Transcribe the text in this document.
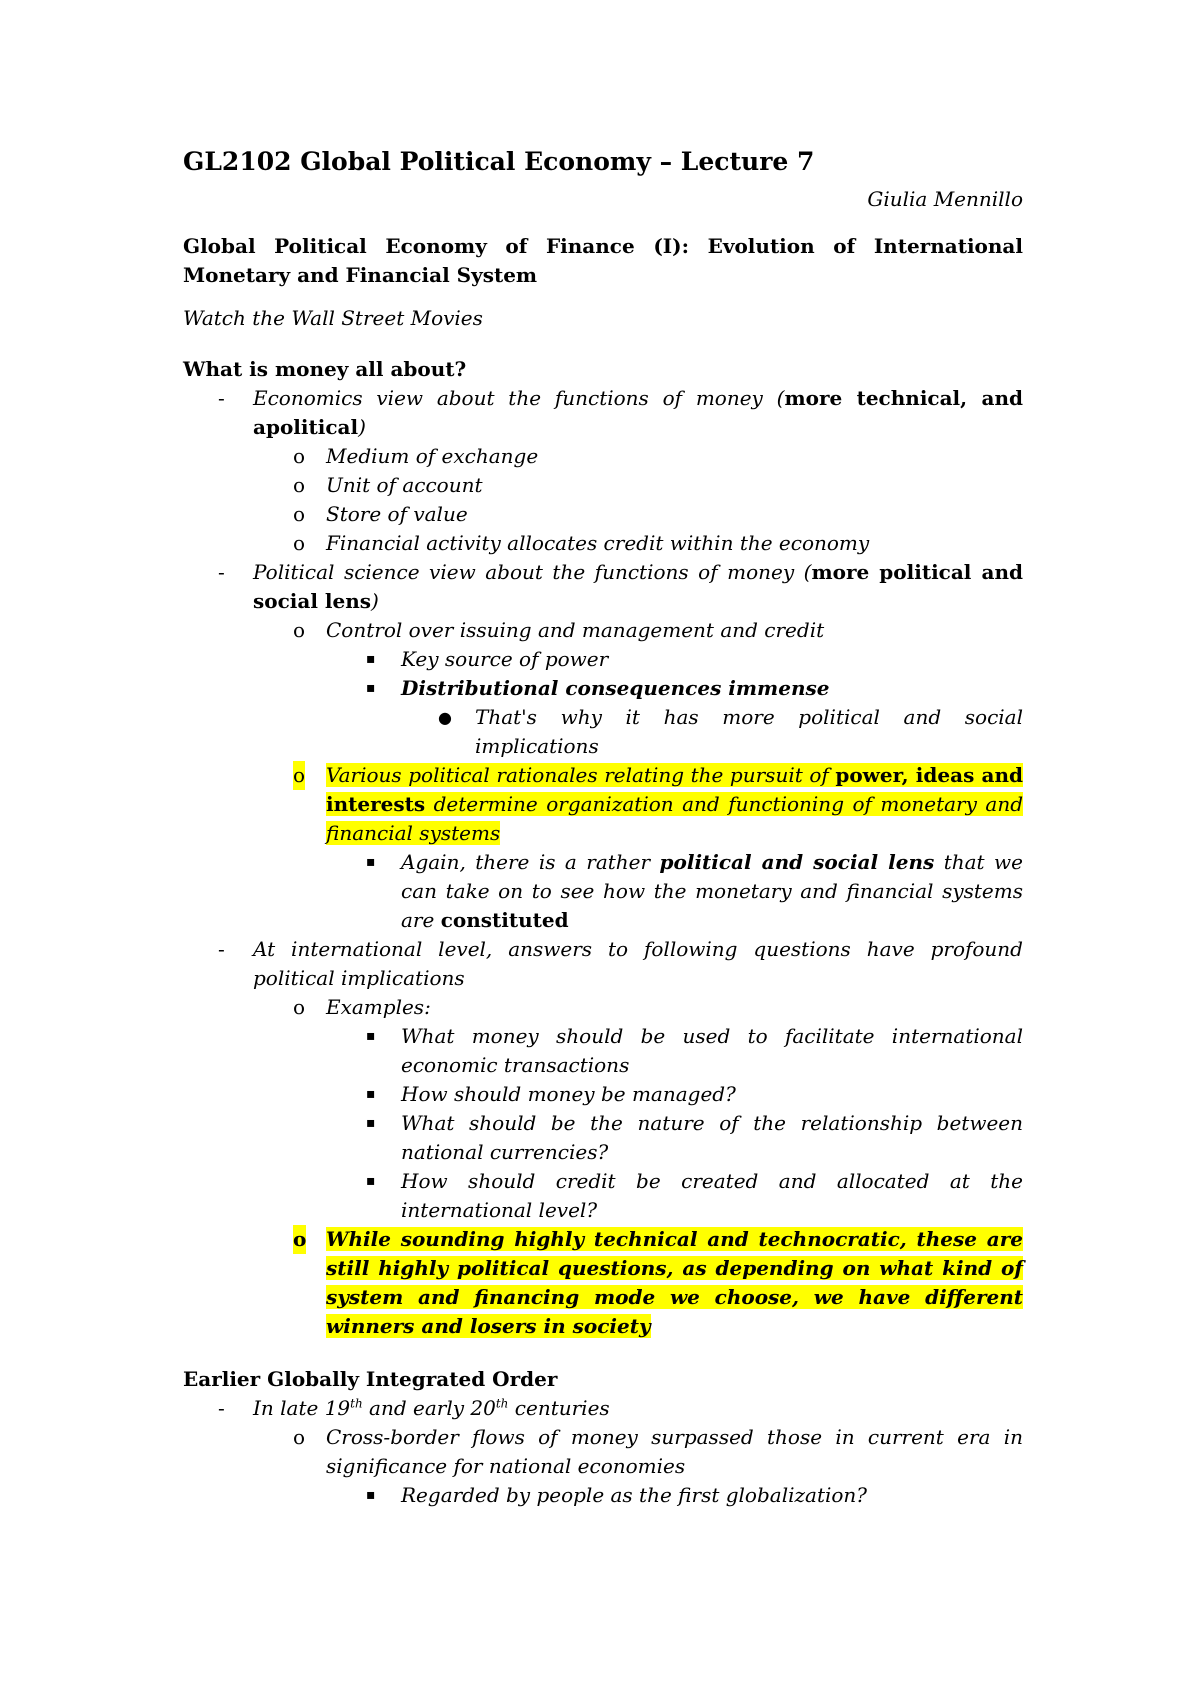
GL2102 Global Political Economy – Lecture 7
Giulia Mennillo
Global Political Economy of Finance (I): Evolution of International Monetary and Financial System
Watch the Wall Street Movies
What is money all about?
- Economics view about the functions of money (more technical, and apolitical)
o Medium of exchange
o Unit of account
o Store of value
o Financial activity allocates credit within the economy
- Political science view about the functions of money (more political and social lens)
o Control over issuing and management and credit
▪ Key source of power
▪ Distributional consequences immense
● That's why it has more political and social implications
o Various political rationales relating the pursuit of power, ideas and interests determine organization and functioning of monetary and financial systems
▪ Again, there is a rather political and social lens that we can take on to see how the monetary and financial systems are constituted
- At international level, answers to following questions have profound political implications
o Examples:
▪ What money should be used to facilitate international economic transactions
▪ How should money be managed?
▪ What should be the nature of the relationship between national currencies?
▪ How should credit be created and allocated at the international level?
o While sounding highly technical and technocratic, these are still highly political questions, as depending on what kind of system and financing mode we choose, we have different winners and losers in society
Earlier Globally Integrated Order
- In late 19th and early 20th centuries
o Cross-border flows of money surpassed those in current era in significance for national economies
▪ Regarded by people as the first globalization?
